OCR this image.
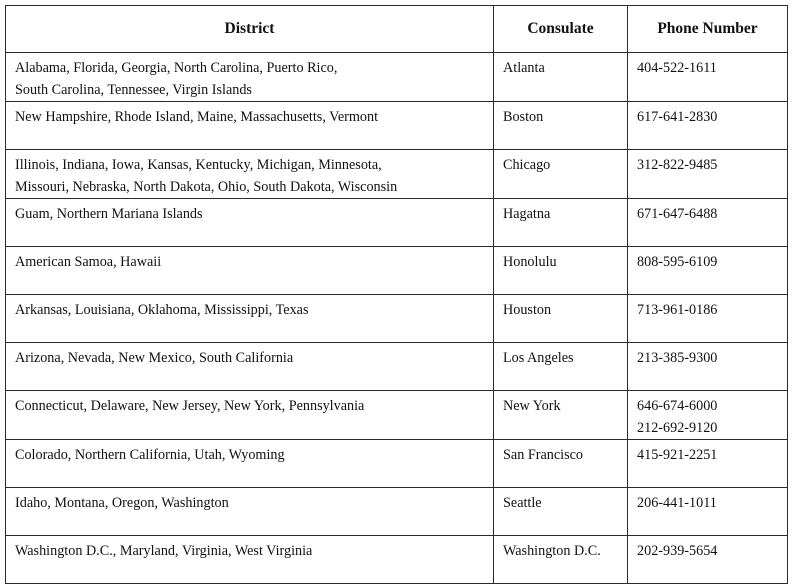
District	Consulate	Phone Number

Alabama, Florida, Georgia, North Carolina, Puerto Rico,
South Carolina, Tennessee, Virgin Islands	Atlanta	404-522-1611

New Hampshire, Rhode Island, Maine, Massachusetts, Vermont	Boston	617-641-2830

Illinois, Indiana, Iowa, Kansas, Kentucky, Michigan, Minnesota,
Missouri, Nebraska, North Dakota, Ohio, South Dakota, Wisconsin	Chicago	312-822-9485

Guam, Northern Mariana Islands	Hagatna	671-647-6488

American Samoa, Hawaii	Honolulu	808-595-6109

Arkansas, Louisiana, Oklahoma, Mississippi, Texas	Houston	713-961-0186

Arizona, Nevada, New Mexico, South California	Los Angeles	213-385-9300

Connecticut, Delaware, New Jersey, New York, Pennsylvania	New York	646-674-6000
212-692-9120

Colorado, Northern California, Utah, Wyoming	San Francisco	415-921-2251

Idaho, Montana, Oregon, Washington	Seattle	206-441-1011

Washington D.C., Maryland, Virginia, West Virginia	Washington D.C.	202-939-5654
